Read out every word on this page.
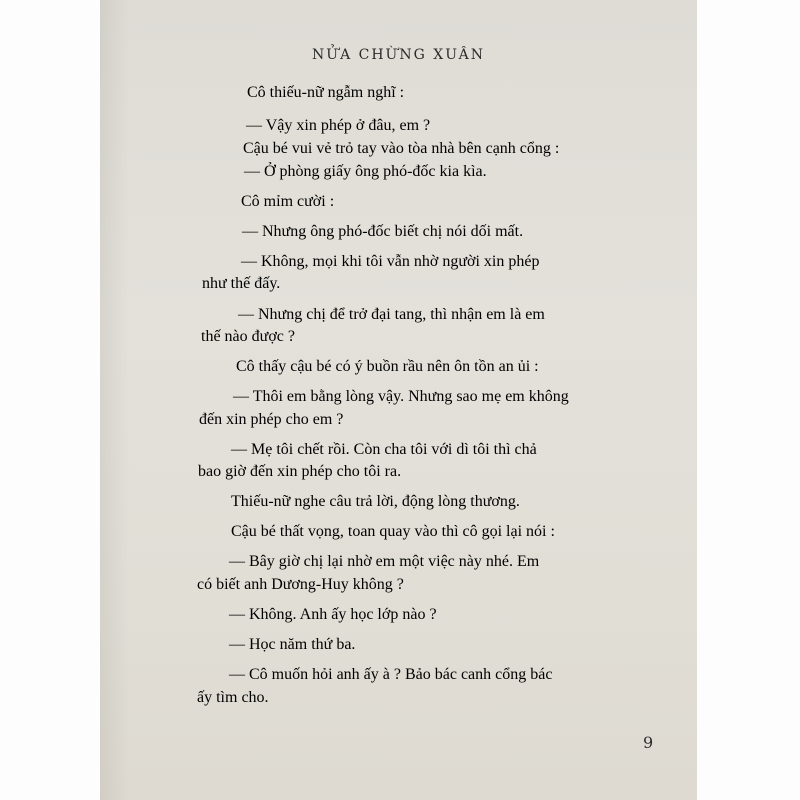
NỬA CHỪNG XUÂN
Cô thiếu-nữ ngẫm nghĩ :
— Vậy xin phép ở đâu, em ?
Cậu bé vui vẻ trỏ tay vào tòa nhà bên cạnh cổng :
— Ở phòng giấy ông phó-đốc kia kìa.
Cô mỉm cười :
— Nhưng ông phó-đốc biết chị nói dối mất.
— Không, mọi khi tôi vẫn nhờ người xin phép
như thế đấy.
— Nhưng chị để trở đại tang, thì nhận em là em
thế nào được ?
Cô thấy cậu bé có ý buồn rầu nên ôn tồn an ủi :
— Thôi em bằng lòng vậy. Nhưng sao mẹ em không
đến xin phép cho em ?
— Mẹ tôi chết rồi. Còn cha tôi với dì tôi thì chả
bao giờ đến xin phép cho tôi ra.
Thiếu-nữ nghe câu trả lời, động lòng thương.
Cậu bé thất vọng, toan quay vào thì cô gọi lại nói :
— Bây giờ chị lại nhờ em một việc này nhé. Em
có biết anh Dương-Huy không ?
— Không. Anh ấy học lớp nào ?
— Học năm thứ ba.
— Cô muốn hỏi anh ấy à ? Bảo bác canh cổng bác
ấy tìm cho.
9
